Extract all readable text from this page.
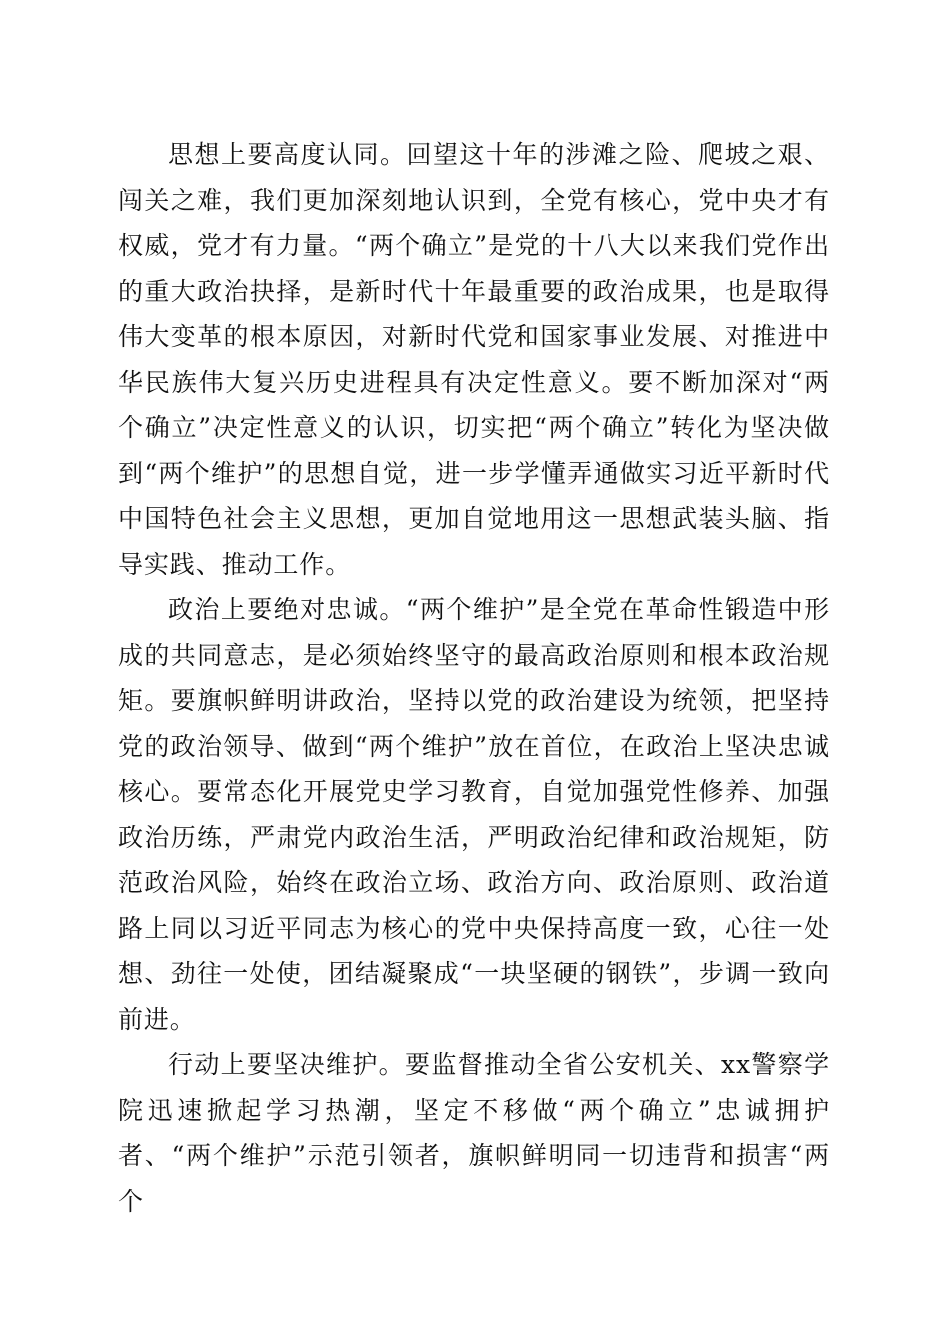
思想上要高度认同。回望这十年的涉滩之险、爬坡之艰、闯关之难，我们更加深刻地认识到，全党有核心，党中央才有权威，党才有力量。“两个确立”是党的十八大以来我们党作出的重大政治抉择，是新时代十年最重要的政治成果，也是取得伟大变革的根本原因，对新时代党和国家事业发展、对推进中华民族伟大复兴历史进程具有决定性意义。要不断加深对“两个确立”决定性意义的认识，切实把“两个确立”转化为坚决做到“两个维护”的思想自觉，进一步学懂弄通做实习近平新时代中国特色社会主义思想，更加自觉地用这一思想武装头脑、指导实践、推动工作。

政治上要绝对忠诚。“两个维护”是全党在革命性锻造中形成的共同意志，是必须始终坚守的最高政治原则和根本政治规矩。要旗帜鲜明讲政治，坚持以党的政治建设为统领，把坚持党的政治领导、做到“两个维护”放在首位，在政治上坚决忠诚核心。要常态化开展党史学习教育，自觉加强党性修养、加强政治历练，严肃党内政治生活，严明政治纪律和政治规矩，防范政治风险，始终在政治立场、政治方向、政治原则、政治道路上同以习近平同志为核心的党中央保持高度一致，心往一处想、劲往一处使，团结凝聚成“一块坚硬的钢铁”，步调一致向前进。

行动上要坚决维护。要监督推动全省公安机关、xx警察学院迅速掀起学习热潮，坚定不移做“两个确立”忠诚拥护者、“两个维护”示范引领者，旗帜鲜明同一切违背和损害“两个
